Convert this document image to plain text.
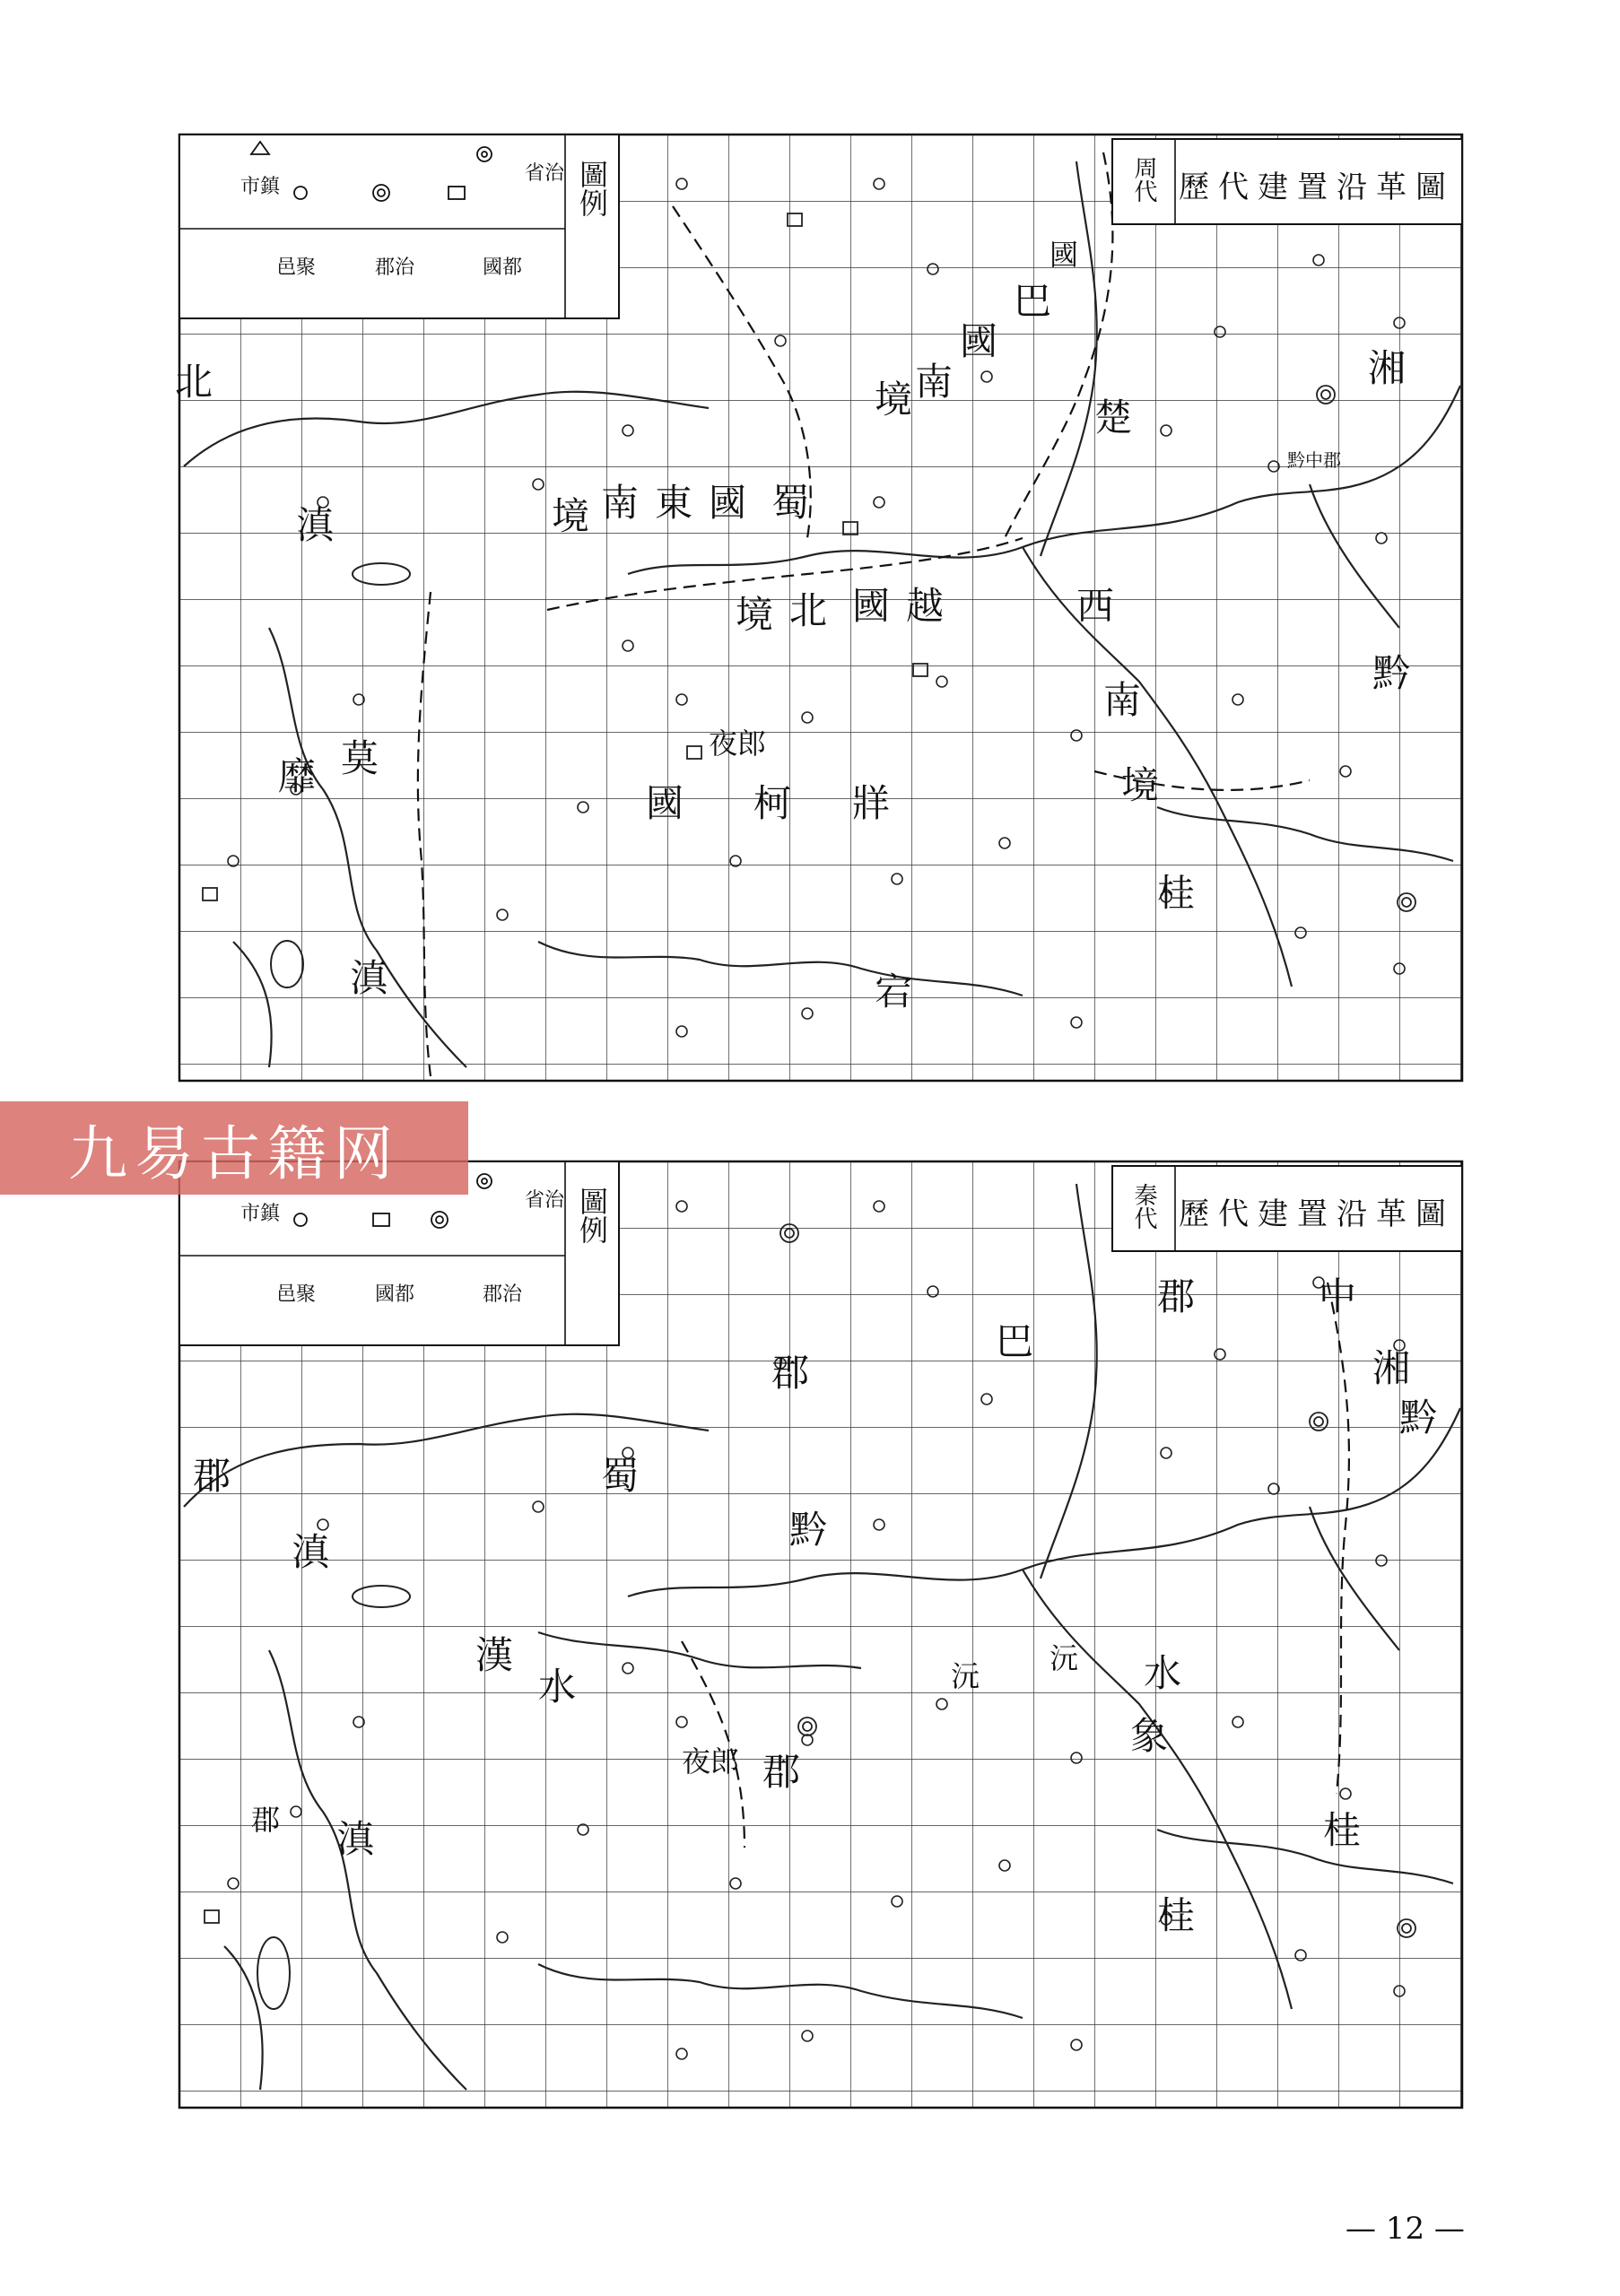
歷代建置沿革圖
周代
圖例
省治
國都
郡治
邑聚
市鎮
歷代建置沿革圖
秦代
圖例
省治
郡治
國都
邑聚
市鎮
巴
國
南
境	楚
蜀
國
東
南
境
越
國
北
境	西
南
境
夜郎
國 柯 牂
滇
靡 莫
桂
湘
黔中郡
黔
滇	宕
北
國
巴
郡
郡
中
湘
黔
蜀
郡
黔
象
郡
滇
郡
桂
夜郎
滇
漢
水
沅 水
桂
沅
九易古籍网
— 12 —
